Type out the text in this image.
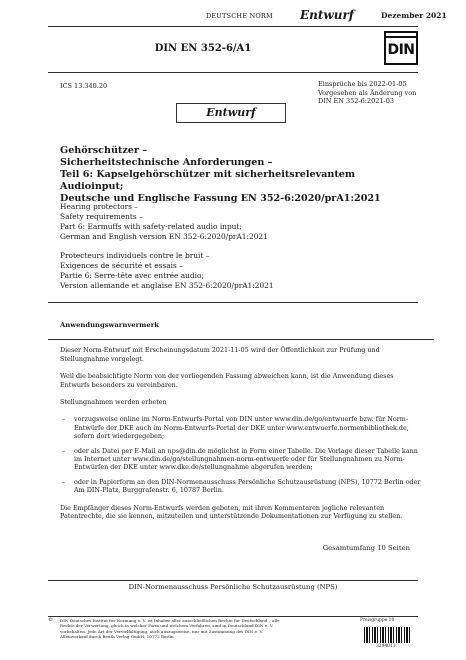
DEUTSCHE NORM Entwurf	Dezember 2021
DIN EN 352-6/A1	DIN
ICS 13.340.20	Einsprüche bis 2022-01-05
Vorgesehen als Änderung von
DIN EN 352-6:2021-03
Entwurf
Gehörschützer –
Sicherheitstechnische Anforderungen –
Teil 6: Kapselgehörschützer mit sicherheitsrelevantem Audioinput;
Deutsche und Englische Fassung EN 352-6:2020/prA1:2021
Hearing protectors –
Safety requirements –
Part 6: Earmuffs with safety-related audio input;
German and English version EN 352-6:2020/prA1:2021
Protecteurs individuels contre le bruit –
Exigences de sécurité et essais –
Partie 6: Serre-tête avec entrée audio;
Version allemande et anglaise EN 352-6:2020/prA1:2021
Anwendungswarnvermerk

Dieser Norm-Entwurf mit Erscheinungsdatum 2021-11-05 wird der Öffentlichkeit zur Prüfung und Stellungnahme vorgelegt.

Weil die beabsichtigte Norm von der vorliegenden Fassung abweichen kann, ist die Anwendung dieses Entwurfs besonders zu vereinbaren.

Stellungnahmen werden erbeten

– vorzugsweise online im Norm-Entwurfs-Portal von DIN unter www.din.de/go/entwuerfe bzw. für Norm-Entwürfe der DKE auch im Norm-Entwurfs-Portal der DKE unter www.entwuerfe.normenbibliothek.de, sofern dort wiedergegeben;
– oder als Datei per E-Mail an nps@din.de möglichst in Form einer Tabelle. Die Vorlage dieser Tabelle kann im Internet unter www.din.de/go/stellungnahmen-norm-entwuerfe oder für Stellungnahmen zu Norm-Entwürfen der DKE unter www.dke.de/stellungnahme abgerufen werden;
– oder in Papierform an den DIN-Normenausschuss Persönliche Schutzausrüstung (NPS), 10772 Berlin oder Am DIN-Platz, Burggrafenstr. 6, 10787 Berlin.

Die Empfänger dieses Norm-Entwurfs werden gebeten, mit ihren Kommentaren jegliche relevanten Patentrechte, die sie kennen, mitzuteilen und unterstützende Dokumentationen zur Verfügung zu stellen.

Gesamtumfang 10 Seiten
DIN-Normenausschuss Persönliche Schutzausrüstung (NPS)
©	DIN Deutsches Institut für Normung e. V. ist Inhaber aller ausschließlichen Rechte für Deutschland – alle
Rechte der Verwertung, gleich in welcher Form und welchem Verfahren, sind in Deutschland DIN e. V.
vorbehalten. Jede Art der Vervielfältigung, auch auszugsweise, nur mit Zustimmung des DIN e. V.
Alleinverkauf durch Beuth Verlag GmbH, 10772 Berlin
Preisgruppe 10
3294011
